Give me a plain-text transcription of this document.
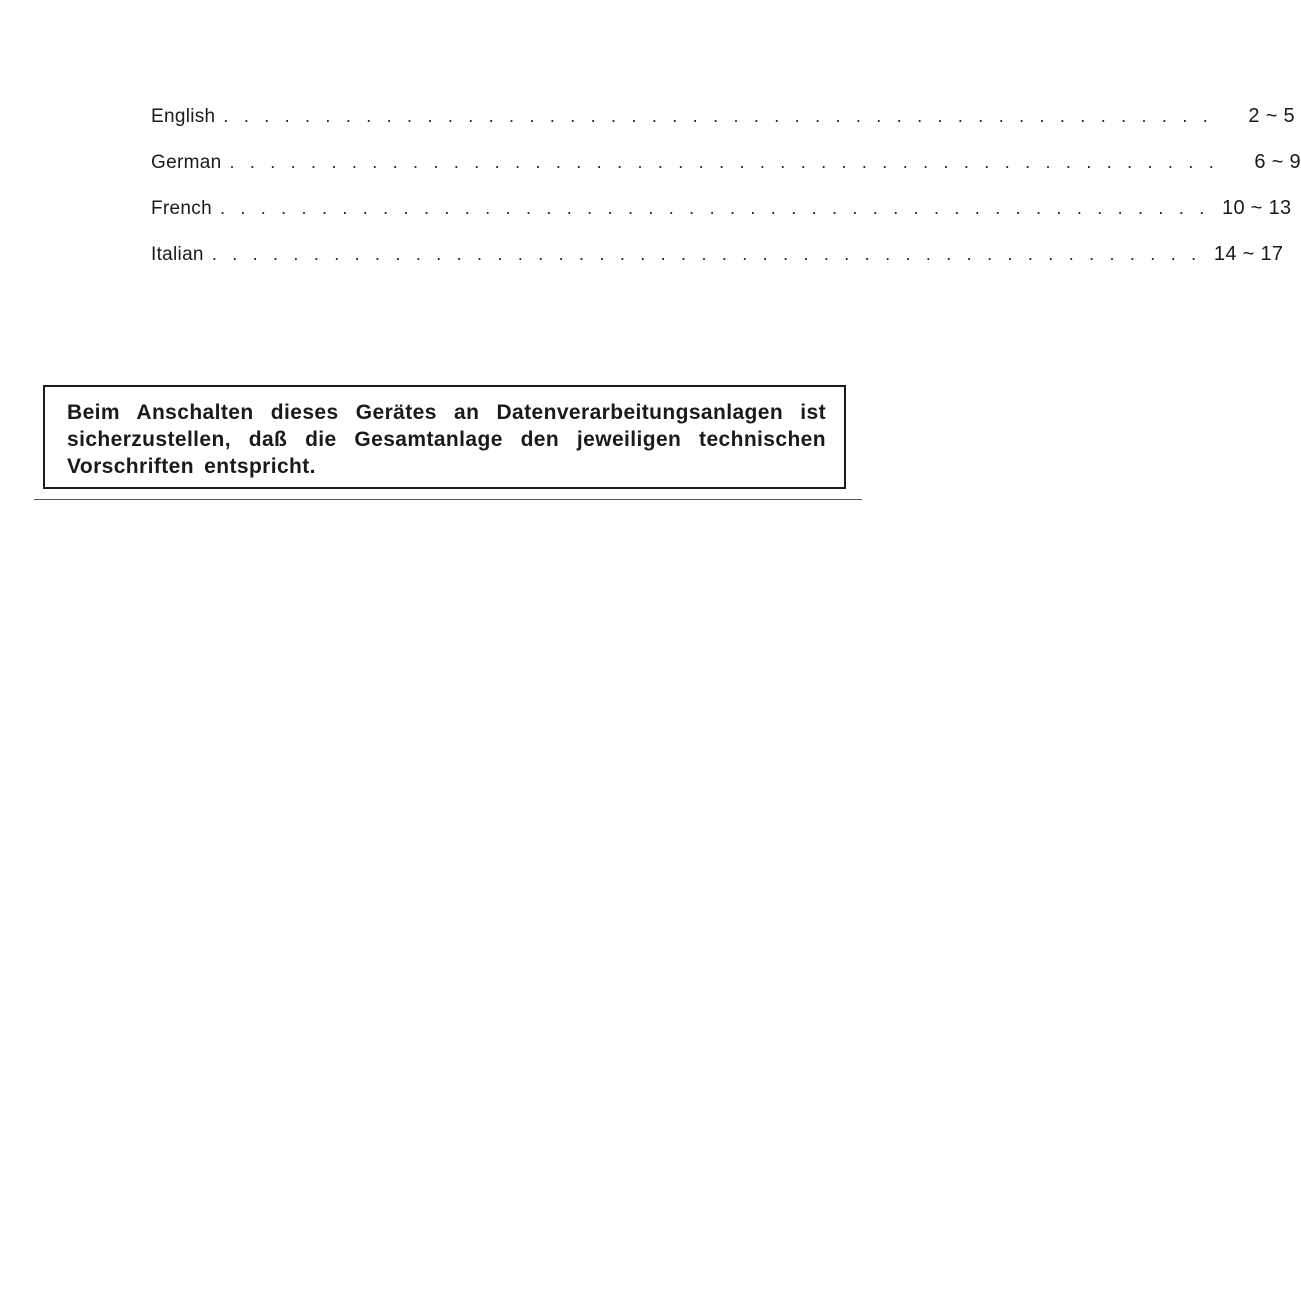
English . . . . . . . . . . . . . . . . . . . . . . . . . . . . . . . . . . . . . . . . . . . . . . . . .	2 ~ 5
German . . . . . . . . . . . . . . . . . . . . . . . . . . . . . . . . . . . . . . . . . . . . . . . . .	6 ~ 9
French . . . . . . . . . . . . . . . . . . . . . . . . . . . . . . . . . . . . . . . . . . . . . . . . . 10 ~ 13
Italian . . . . . . . . . . . . . . . . . . . . . . . . . . . . . . . . . . . . . . . . . . . . . . . . . 14 ~ 17

Beim Anschalten dieses Gerätes an Datenverarbeitungsanlagen ist sicherzustellen, daß die Gesamtanlage den jeweiligen technischen Vorschriften entspricht.
